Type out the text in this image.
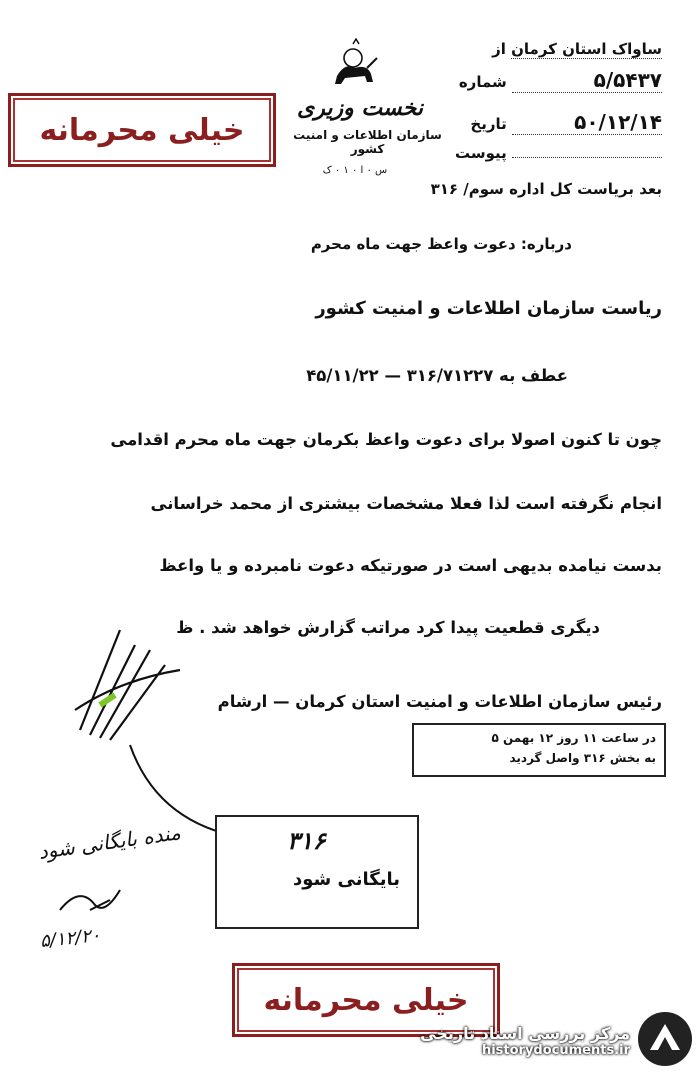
خیلی محرمانه
نخست وزیری
سازمان اطلاعات و امنیت کشور
س ۰ ا ۰ ۱ ۰ ک
از ساواک استان کرمان
شماره	۵/۵۴۳۷
تاریخ	۵۰/۱۲/۱۴
پیوست
بعد بریاست کل اداره سوم/ ۳۱۶
درباره: دعوت واعظ جهت ماه محرم
ریاست سازمان اطلاعات و امنیت کشور
عطف به ۳۱۶/۷۱۲۲۷ — ۴۵/۱۱/۲۲
چون تا کنون اصولا برای دعوت واعظ بکرمان جهت ماه محرم اقدامی
انجام نگرفته است لذا فعلا مشخصات بیشتری از محمد خراسانی
بدست نیامده بدیهی است در صورتیکه دعوت نامبرده و یا واعظ
دیگری قطعیت پیدا کرد مراتب گزارش خواهد شد . ظ
رئیس سازمان اطلاعات و امنیت استان کرمان — ارشام
در ساعت ۱۱ روز ۱۲ بهمن ۵
به بخش ۳۱۶ واصل گردید
۳۱۶
بایگانی شود
منده بایگانی شود
۵/۱۲/۲۰
خیلی محرمانه
مرکز بررسی اسناد تاریخی
historydocuments.ir
